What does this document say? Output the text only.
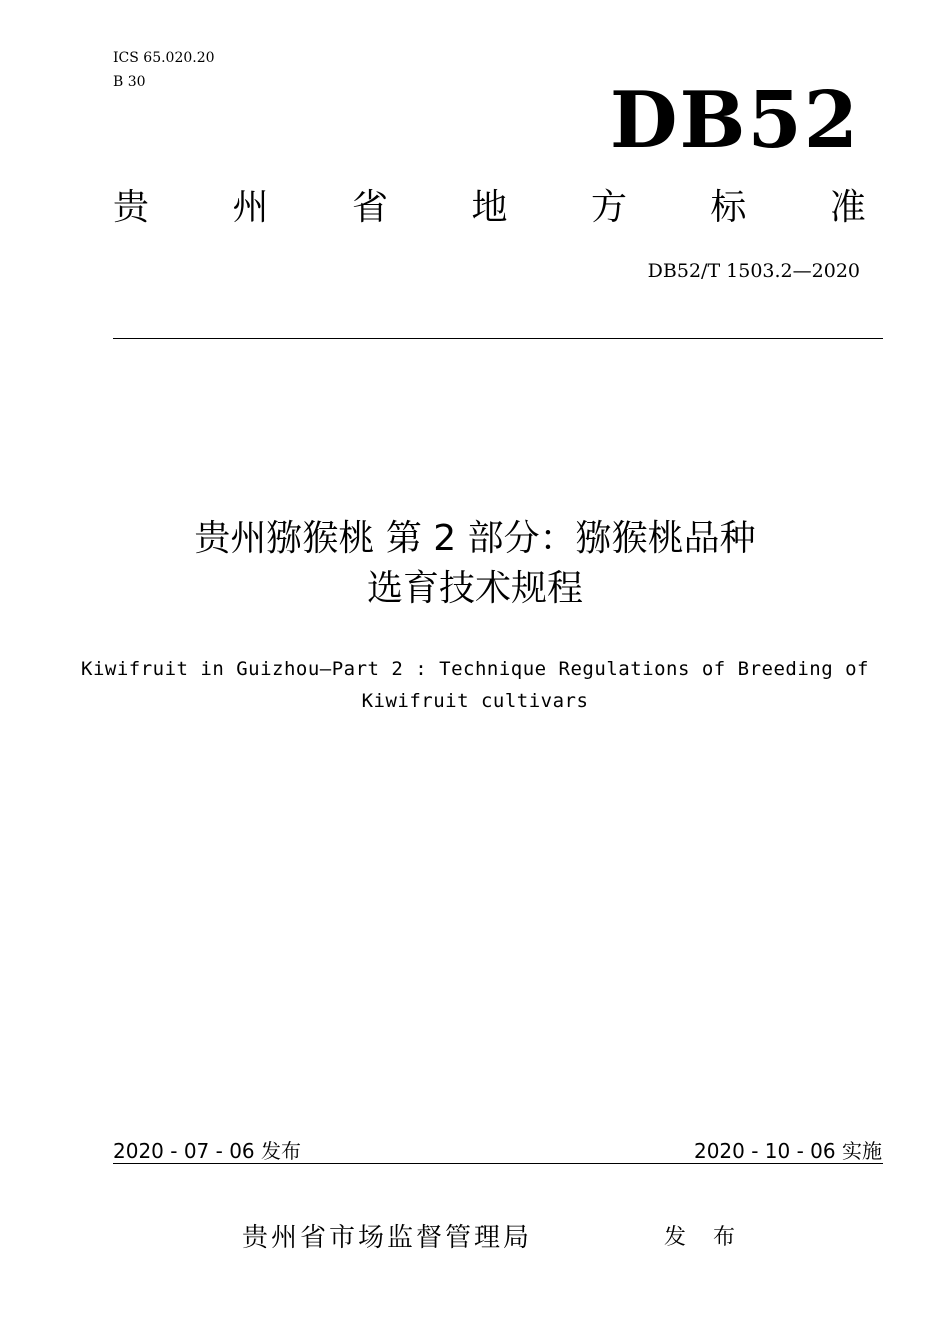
ICS 65.020.20
B 30	DB52
贵 州 省 地 方 标 准
DB52/T 1503.2—2020
贵州猕猴桃 第 2 部分：猕猴桃品种
选育技术规程
Kiwifruit in Guizhou—Part 2 : Technique Regulations of Breeding of
Kiwifruit cultivars
2020 - 07 - 06 发布	2020 - 10 - 06 实施
贵州省市场监督管理局	发 布
